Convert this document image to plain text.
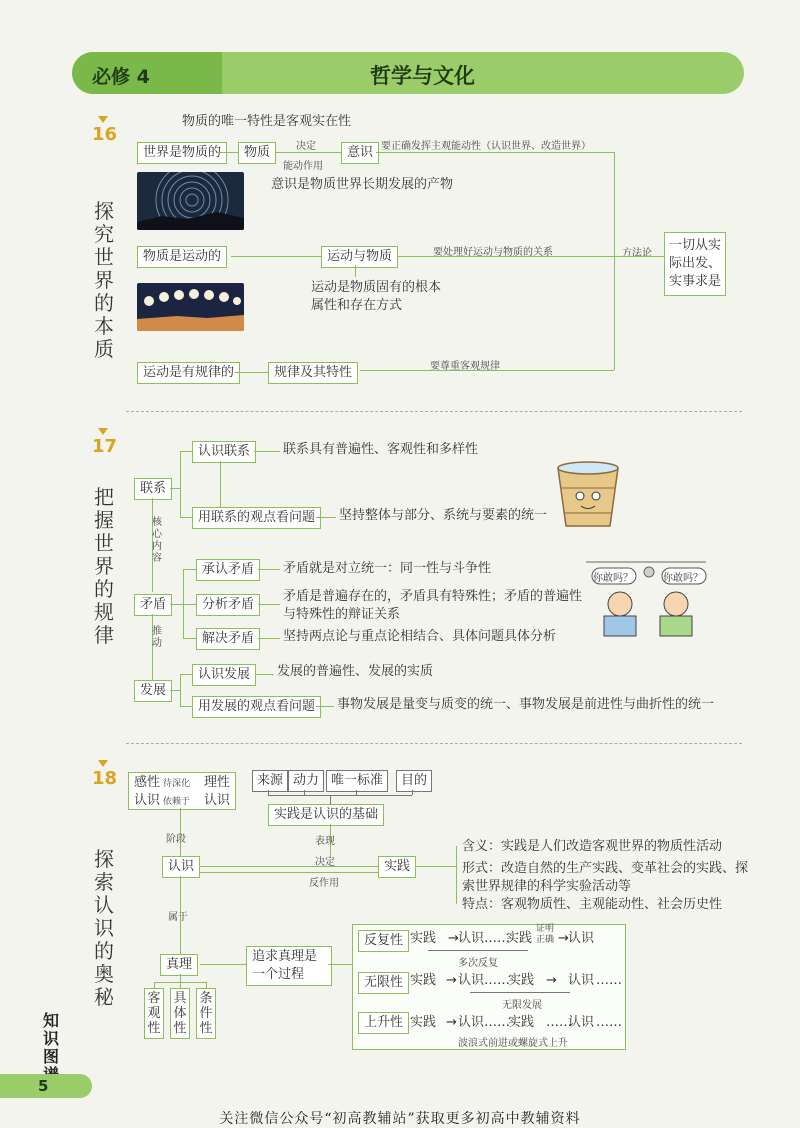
必修 4	哲学与文化
16
探究世界的本质
物质的唯一特性是客观实在性
世界是物质的	物质	决定
能动作用
意识 要正确发挥主观能动性（认识世界、改造世界）
意识是物质世界长期发展的产物
物质是运动的	运动与物质	要处理好运动与物质的关系	方法论
一切从实际出发、实事求是
运动是物质固有的根本属性和存在方式
运动是有规律的	规律及其特性	要尊重客观规律
17
把握世界的规律
联系
认识联系	联系具有普遍性、客观性和多样性
用联系的观点看问题	坚持整体与部分、系统与要素的统一
核心内容
矛盾
承认矛盾	矛盾就是对立统一：同一性与斗争性
分析矛盾
矛盾是普遍存在的，矛盾具有特殊性；矛盾的普遍性与特殊性的辩证关系
解决矛盾	坚持两点论与重点论相结合、具体问题具体分析
推动
发展
认识发展	发展的普遍性、发展的实质
用发展的观点看问题	事物发展是量变与质变的统一、事物发展是前进性与曲折性的统一
你敢吗？	你敢吗？
18
探索认识的奥秘
感性认识
待深化
依赖于
理性认识
来源 动力 唯一标准	目的
实践是认识的基础
阶段
认识	实践
表现
决定
反作用
含义：实践是人们改造客观世界的物质性活动
形式：改造自然的生产实践、变革社会的实践、探索世界规律的科学实验活动等
特点：客观物质性、主观能动性、社会历史性
属于
真理
客观性
具体性
条件性
追求真理是一个过程
反复性 实践 → 认识 ……
实践
证明正确 → 认识
多次反复
无限性 实践 → 认识 ……
实践 → 认识 ……
无限发展
上升性 实践 → 认识 ……
实践 ……
认识 ……
波浪式前进或螺旋式上升
知识图
5
关注微信公众号“初高教辅站”获取更多初高中教辅资料
